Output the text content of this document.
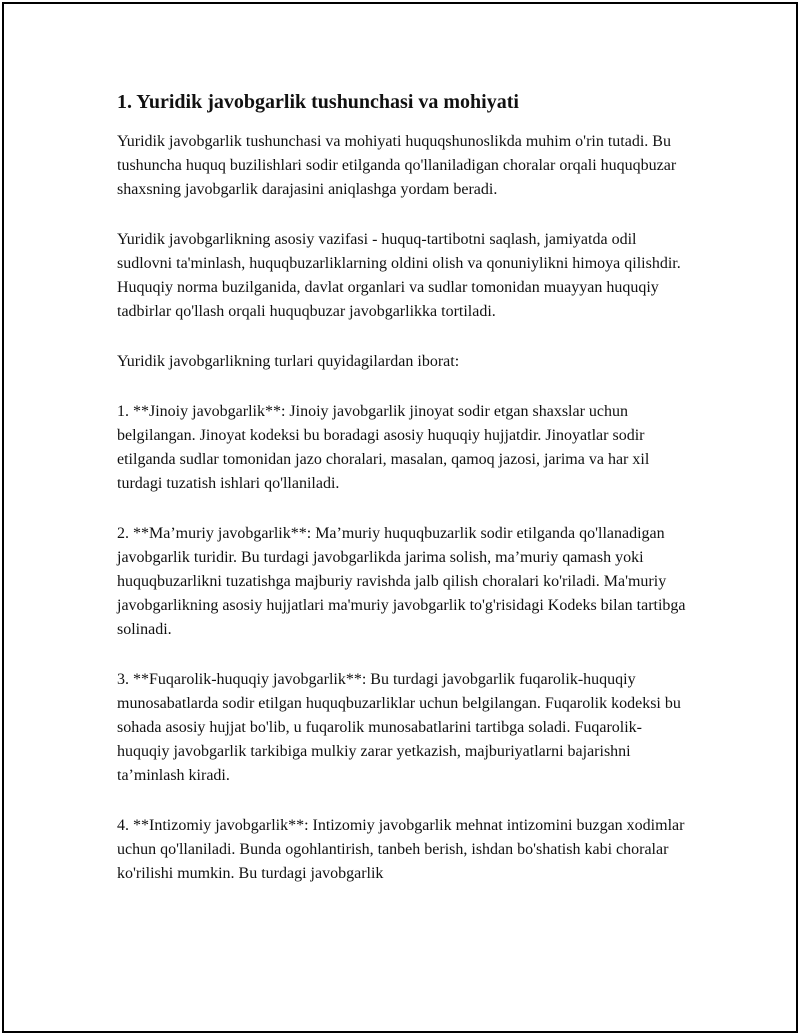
1. Yuridik javobgarlik tushunchasi va mohiyati

Yuridik javobgarlik tushunchasi va mohiyati huquqshunoslikda muhim o'rin tutadi. Bu tushuncha huquq buzilishlari sodir etilganda qo'llaniladigan choralar orqali huquqbuzar shaxsning javobgarlik darajasini aniqlashga yordam beradi.

Yuridik javobgarlikning asosiy vazifasi - huquq-tartibotni saqlash, jamiyatda odil sudlovni ta'minlash, huquqbuzarliklarning oldini olish va qonuniylikni himoya qilishdir. Huquqiy norma buzilganida, davlat organlari va sudlar tomonidan muayyan huquqiy tadbirlar qo'llash orqali huquqbuzar javobgarlikka tortiladi.

Yuridik javobgarlikning turlari quyidagilardan iborat:

1. **Jinoiy javobgarlik**: Jinoiy javobgarlik jinoyat sodir etgan shaxslar uchun belgilangan. Jinoyat kodeksi bu boradagi asosiy huquqiy hujjatdir. Jinoyatlar sodir etilganda sudlar tomonidan jazo choralari, masalan, qamoq jazosi, jarima va har xil turdagi tuzatish ishlari qo'llaniladi.

2. **Ma’muriy javobgarlik**: Ma’muriy huquqbuzarlik sodir etilganda qo'llanadigan javobgarlik turidir. Bu turdagi javobgarlikda jarima solish, ma’muriy qamash yoki huquqbuzarlikni tuzatishga majburiy ravishda jalb qilish choralari ko'riladi. Ma'muriy javobgarlikning asosiy hujjatlari ma'muriy javobgarlik to'g'risidagi Kodeks bilan tartibga solinadi.

3. **Fuqarolik-huquqiy javobgarlik**: Bu turdagi javobgarlik fuqarolik-huquqiy munosabatlarda sodir etilgan huquqbuzarliklar uchun belgilangan. Fuqarolik kodeksi bu sohada asosiy hujjat bo'lib, u fuqarolik munosabatlarini tartibga soladi. Fuqarolik-huquqiy javobgarlik tarkibiga mulkiy zarar yetkazish, majburiyatlarni bajarishni ta’minlash kiradi.

4. **Intizomiy javobgarlik**: Intizomiy javobgarlik mehnat intizomini buzgan xodimlar uchun qo'llaniladi. Bunda ogohlantirish, tanbeh berish, ishdan bo'shatish kabi choralar ko'rilishi mumkin. Bu turdagi javobgarlik
